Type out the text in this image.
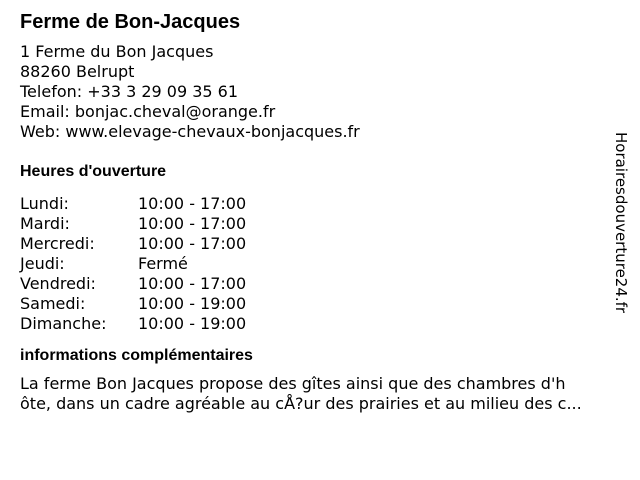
Ferme de Bon-Jacques
1 Ferme du Bon Jacques
88260 Belrupt
Telefon: +33 3 29 09 35 61
Email: bonjac.cheval@orange.fr
Web: www.elevage-chevaux-bonjacques.fr
Heures d'ouverture
Lundi:	10:00 - 17:00
Mardi:	10:00 - 17:00
Mercredi:	10:00 - 17:00
Jeudi:	Fermé
Vendredi:	10:00 - 17:00
Samedi:	10:00 - 19:00
Dimanche:	10:00 - 19:00
informations complémentaires
La ferme Bon Jacques propose des gîtes ainsi que des chambres d'h
ôte, dans un cadre agréable au cÅ?ur des prairies et au milieu des c...
Horairesdouverture24.fr
